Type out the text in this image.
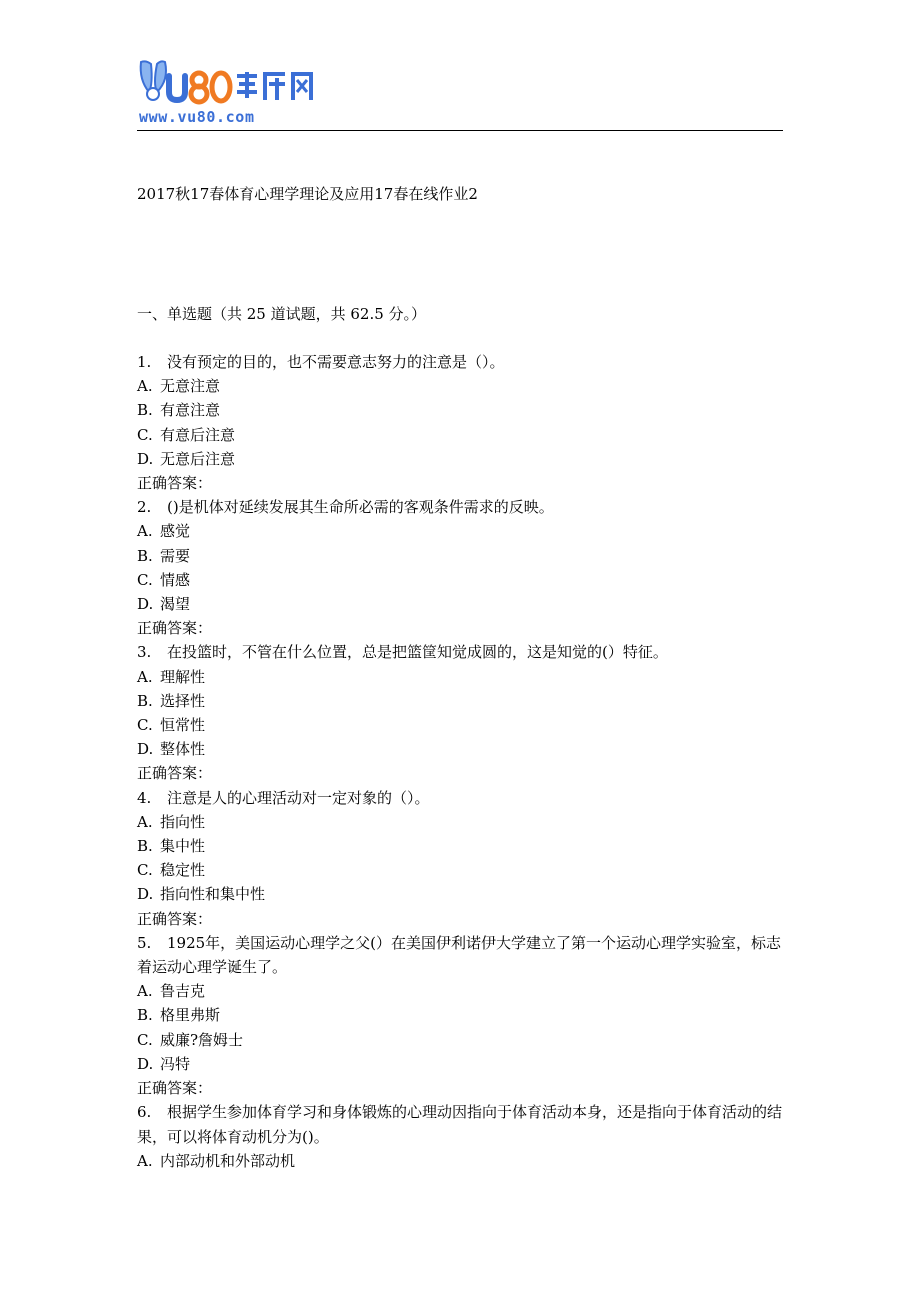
www.vu80.com
2017秋17春体育心理学理论及应用17春在线作业2
一、单选题（共 25 道试题，共 62.5 分。）
1. 没有预定的目的，也不需要意志努力的注意是（）。
A. 无意注意
B. 有意注意
C. 有意后注意
D. 无意后注意
正确答案：
2. ()是机体对延续发展其生命所必需的客观条件需求的反映。
A. 感觉
B. 需要
C. 情感
D. 渴望
正确答案：
3. 在投篮时，不管在什么位置，总是把篮筐知觉成圆的，这是知觉的(）特征。
A. 理解性
B. 选择性
C. 恒常性
D. 整体性
正确答案：
4. 注意是人的心理活动对一定对象的（）。
A. 指向性
B. 集中性
C. 稳定性
D. 指向性和集中性
正确答案：
5. 1925年，美国运动心理学之父(）在美国伊利诺伊大学建立了第一个运动心理学实验室，标志着运动心理学诞生了。
A. 鲁吉克
B. 格里弗斯
C. 威廉?詹姆士
D. 冯特
正确答案：
6. 根据学生参加体育学习和身体锻炼的心理动因指向于体育活动本身，还是指向于体育活动的结果，可以将体育动机分为()。
A. 内部动机和外部动机
